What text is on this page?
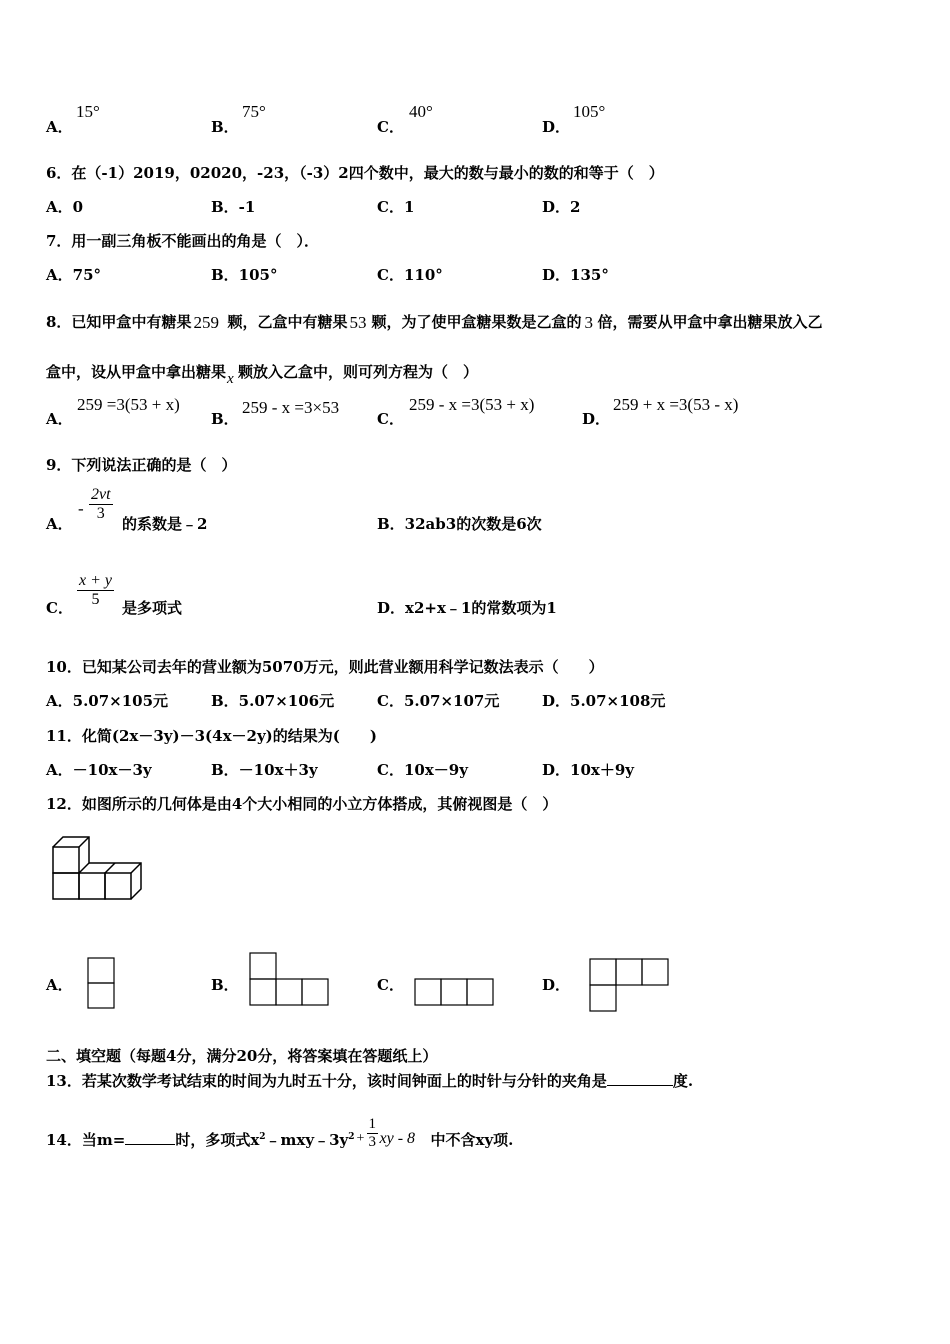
A．
15°
B．
75°
C．
40°
D．
105°
6．在（-1）2019，02020，-23，（-3）2四个数中，最大的数与最小的数的和等于（　）
A．0	B．-1	C．1	D．2
7．用一副三角板不能画出的角是（　）．
A．75°	B．105°	C．110°	D．135°
8．已知甲盒中有糖果 259 颗，乙盒中有糖果 53 颗，为了使甲盒糖果数是乙盒的 3 倍，需要从甲盒中拿出糖果放入乙
盒中，设从甲盒中拿出糖果 x 颗放入乙盒中，则可列方程为（　）
A．
259 =3(53 + x)
B．
259 - x =3×53
C．
259 - x =3(53 + x)
D．
259 + x =3(53 - x)
9．下列说法正确的是（　）
A．
- $\frac{2vt}{3}$
的系数是﹣2	B．32ab3的次数是6次
C． $\frac{x + y}{5}$ 是多项式	D．x2+x﹣1的常数项为1
10．已知某公司去年的营业额为5070万元，则此营业额用科学记数法表示（　　）
A．5.07×105元	B．5.07×106元	C．5.07×107元	D．5.07×108元
11．化简(2x－3y)－3(4x－2y)的结果为(　　)
A．－10x－3y	B．－10x＋3y	C．10x－9y	D．10x＋9y
12．如图所示的几何体是由4个大小相同的小立方体搭成，其俯视图是（　）
A．	B．	C．	D．
二、填空题（每题4分，满分20分，将答案填在答题纸上）
13．若某次数学考试结束的时间为九时五十分，该时间钟面上的时针与分针的夹角是	度.
14．当m=	时，多项式$x^2﹣mxy﹣3y^2 + \frac{1}{3}$ xy - 8 中不含xy项.
